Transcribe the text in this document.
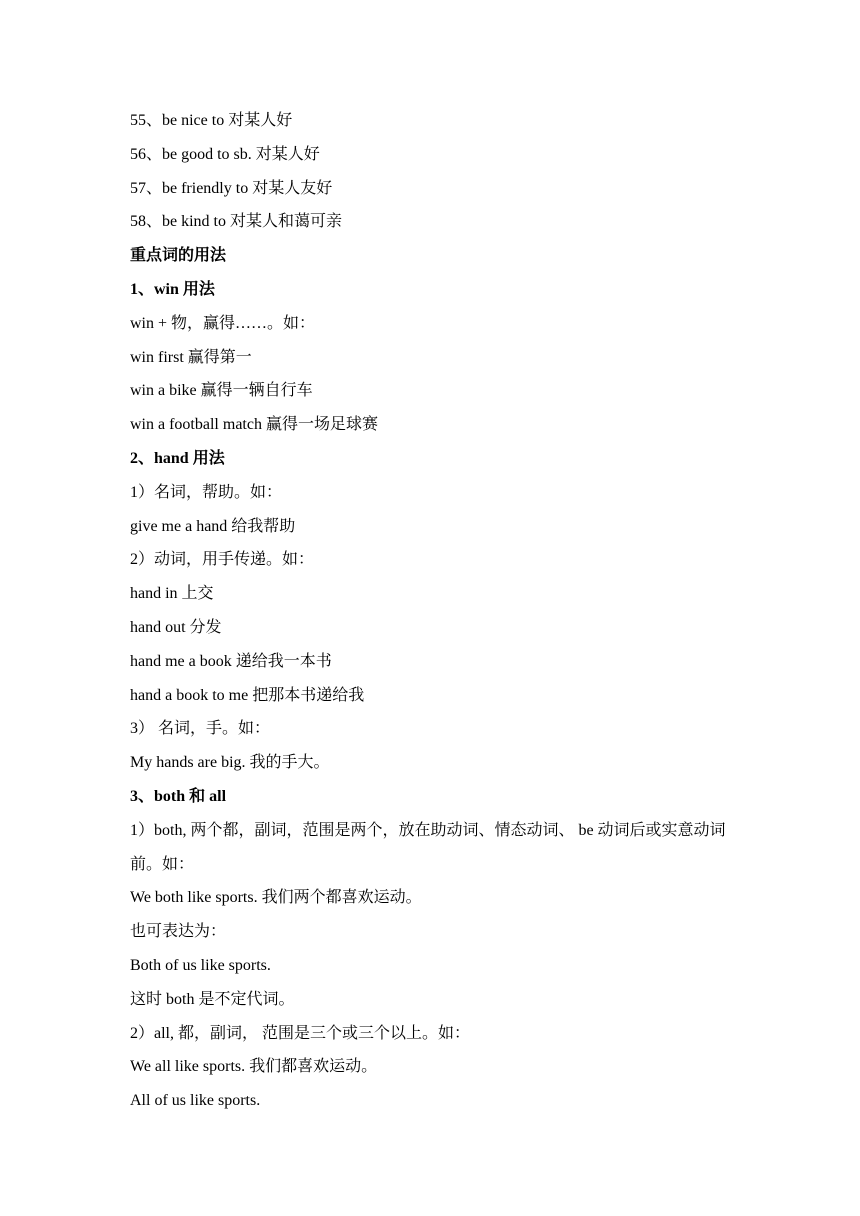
55、be nice to 对某人好
56、be good to sb. 对某人好
57、be friendly to 对某人友好
58、be kind to 对某人和蔼可亲
重点词的用法
1、win 用法
win + 物，赢得……。如：
win first 赢得第一
win a bike 赢得一辆自行车
win a football match 赢得一场足球赛
2、hand 用法
1）名词，帮助。如：
give me a hand 给我帮助
2）动词，用手传递。如：
hand in 上交
hand out 分发
hand me a book 递给我一本书
hand a book to me 把那本书递给我
3） 名词，手。如：
My hands are big. 我的手大。
3、both 和 all
1）both, 两个都，副词，范围是两个，放在助动词、情态动词、 be 动词后或实意动词前。如：
We both like sports. 我们两个都喜欢运动。
也可表达为：
Both of us like sports.
这时 both 是不定代词。
2）all, 都，副词， 范围是三个或三个以上。如：
We all like sports. 我们都喜欢运动。
All of us like sports.
